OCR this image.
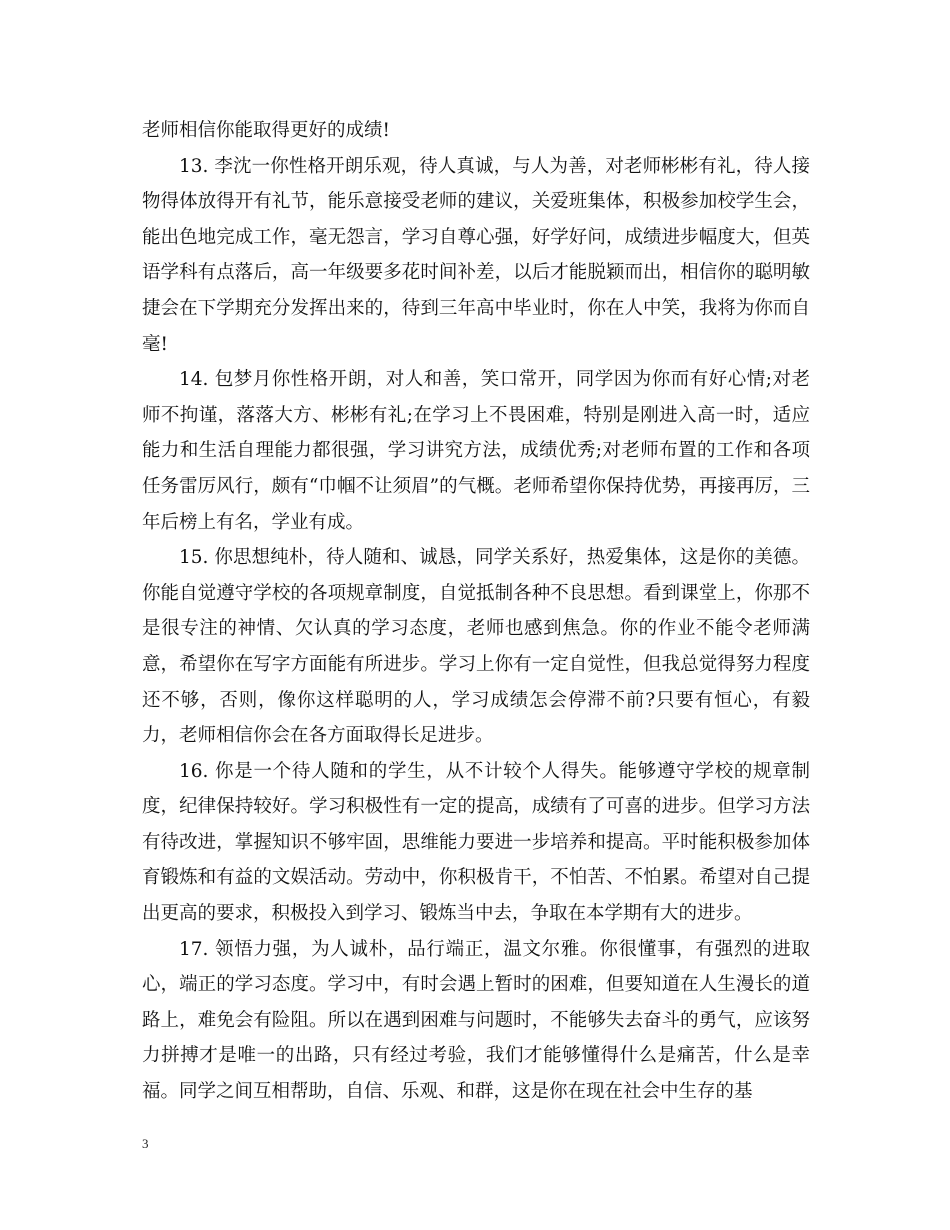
老师相信你能取得更好的成绩!

13. 李沈一你性格开朗乐观，待人真诚，与人为善，对老师彬彬有礼，待人接物得体放得开有礼节，能乐意接受老师的建议，关爱班集体，积极参加校学生会，能出色地完成工作，毫无怨言，学习自尊心强，好学好问，成绩进步幅度大，但英语学科有点落后，高一年级要多花时间补差，以后才能脱颖而出，相信你的聪明敏捷会在下学期充分发挥出来的，待到三年高中毕业时，你在人中笑，我将为你而自毫!

14. 包梦月你性格开朗，对人和善，笑口常开，同学因为你而有好心情;对老师不拘谨，落落大方、彬彬有礼;在学习上不畏困难，特别是刚进入高一时，适应能力和生活自理能力都很强，学习讲究方法，成绩优秀;对老师布置的工作和各项任务雷厉风行，颇有“巾帼不让须眉”的气概。老师希望你保持优势，再接再厉，三年后榜上有名，学业有成。

15. 你思想纯朴，待人随和、诚恳，同学关系好，热爱集体，这是你的美德。你能自觉遵守学校的各项规章制度，自觉抵制各种不良思想。看到课堂上，你那不是很专注的神情、欠认真的学习态度，老师也感到焦急。你的作业不能令老师满意，希望你在写字方面能有所进步。学习上你有一定自觉性，但我总觉得努力程度还不够，否则，像你这样聪明的人，学习成绩怎会停滞不前?只要有恒心，有毅力，老师相信你会在各方面取得长足进步。

16. 你是一个待人随和的学生，从不计较个人得失。能够遵守学校的规章制度，纪律保持较好。学习积极性有一定的提高，成绩有了可喜的进步。但学习方法有待改进，掌握知识不够牢固，思维能力要进一步培养和提高。平时能积极参加体育锻炼和有益的文娱活动。劳动中，你积极肯干，不怕苦、不怕累。希望对自己提出更高的要求，积极投入到学习、锻炼当中去，争取在本学期有大的进步。

17. 领悟力强，为人诚朴，品行端正，温文尔雅。你很懂事，有强烈的进取心，端正的学习态度。学习中，有时会遇上暂时的困难，但要知道在人生漫长的道路上，难免会有险阻。所以在遇到困难与问题时，不能够失去奋斗的勇气，应该努力拼搏才是唯一的出路，只有经过考验，我们才能够懂得什么是痛苦，什么是幸福。同学之间互相帮助，自信、乐观、和群，这是你在现在社会中生存的基

3
